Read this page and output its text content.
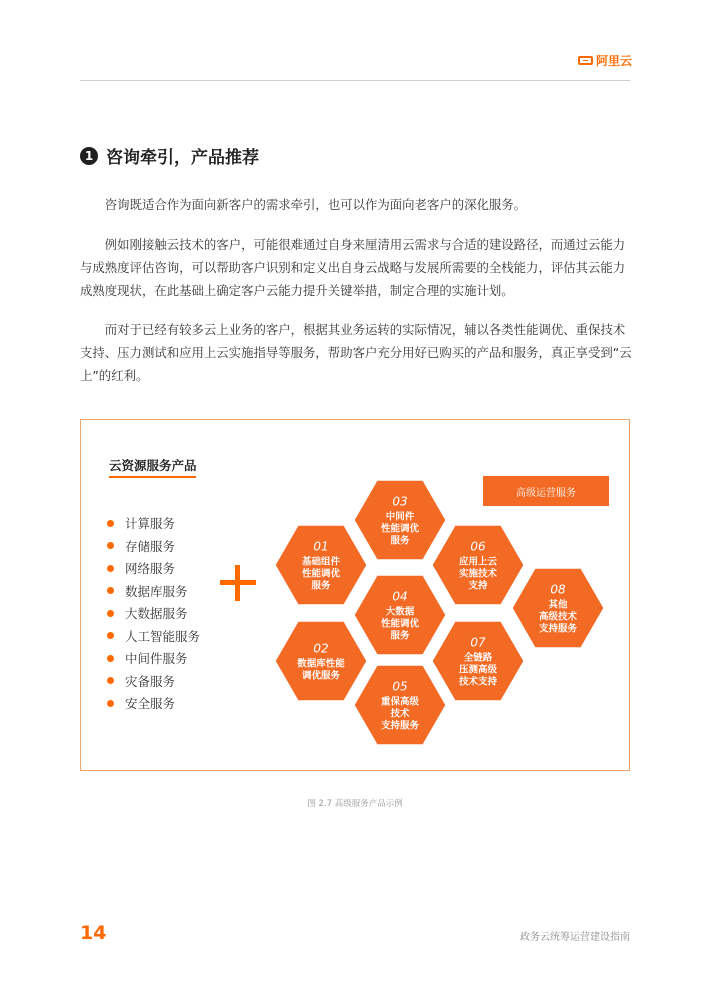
阿里云
1 咨询牵引，产品推荐

咨询既适合作为面向新客户的需求牵引，也可以作为面向老客户的深化服务。

例如刚接触云技术的客户，可能很难通过自身来厘清用云需求与合适的建设路径，而通过云能力与成熟度评估咨询，可以帮助客户识别和定义出自身云战略与发展所需要的全栈能力，评估其云能力成熟度现状，在此基础上确定客户云能力提升关键举措，制定合理的实施计划。

而对于已经有较多云上业务的客户，根据其业务运转的实际情况，辅以各类性能调优、重保技术支持、压力测试和应用上云实施指导等服务，帮助客户充分用好已购买的产品和服务，真正享受到“云上”的红利。

云资源服务产品
计算服务
存储服务
网络服务
数据库服务
大数据服务
人工智能服务
中间件服务
灾备服务
安全服务
高级运营服务
01
基础组件
性能调优
服务
02
数据库性能
调优服务
03
中间件
性能调优
服务
04
大数据
性能调优
服务
05
重保高级
技术
支持服务
06
应用上云
实施技术
支持
07
全链路
压测高级
技术支持
08
其他
高级技术
支持服务
图 2.7 高级服务产品示例
14	政务云统筹运营建设指南
